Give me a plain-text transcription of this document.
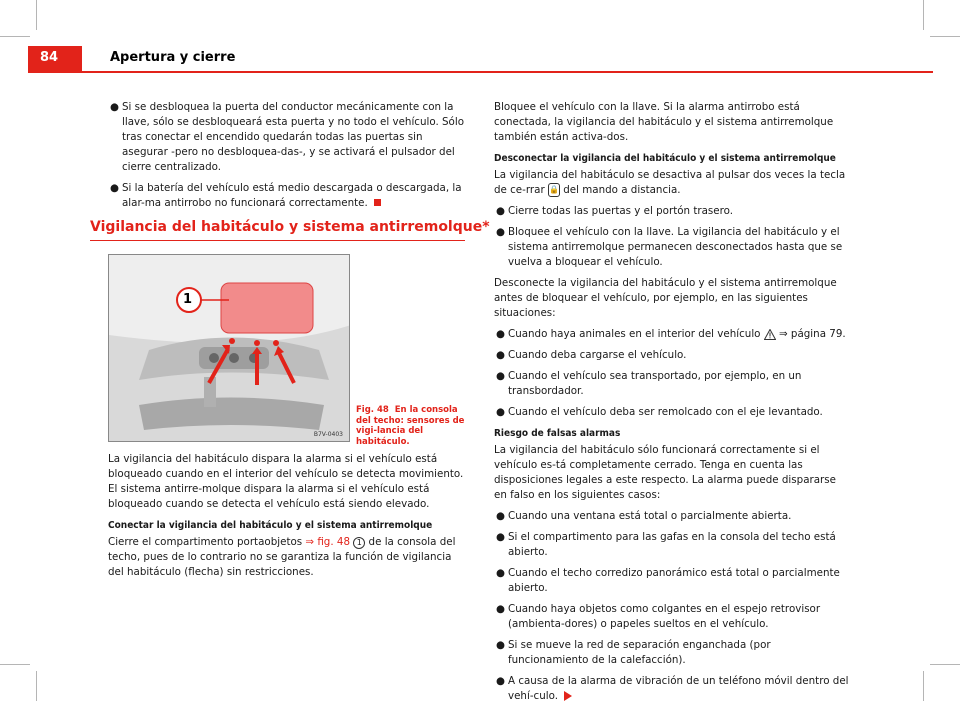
84	Apertura y cierre
● Si se desbloquea la puerta del conductor mecánicamente con la llave, sólo se desbloqueará esta puerta y no todo el vehículo. Sólo tras conectar el encendido quedarán todas las puertas sin asegurar -pero no desbloquea-das-, y se activará el pulsador del cierre centralizado.
● Si la batería del vehículo está medio descargada o descargada, la alar-ma antirrobo no funcionará correctamente.
Vigilancia del habitáculo y sistema antirremolque*
1
B7V-0403
Fig. 48 En la consola del techo: sensores de vigi-lancia del habitáculo.

La vigilancia del habitáculo dispara la alarma si el vehículo está bloqueado cuando en el interior del vehículo se detecta movimiento. El sistema antirre-molque dispara la alarma si el vehículo está bloqueado cuando se detecta el vehículo está siendo elevado.

Conectar la vigilancia del habitáculo y el sistema antirremolque

Cierre el compartimento portaobjetos ⇒ fig. 48 1 de la consola del techo, pues de lo contrario no se garantiza la función de vigilancia del habitáculo (flecha) sin restricciones.

Bloquee el vehículo con la llave. Si la alarma antirrobo está conectada, la vigilancia del habitáculo y el sistema antirremolque también están activa-dos.

Desconectar la vigilancia del habitáculo y el sistema antirremolque

La vigilancia del habitáculo se desactiva al pulsar dos veces la tecla de ce-rrar 🔒 del mando a distancia.

● Cierre todas las puertas y el portón trasero.
● Bloquee el vehículo con la llave. La vigilancia del habitáculo y el sistema antirremolque permanecen desconectados hasta que se vuelva a bloquear el vehículo.

Desconecte la vigilancia del habitáculo y el sistema antirremolque antes de bloquear el vehículo, por ejemplo, en las siguientes situaciones:

● Cuando haya animales en el interior del vehículo  ⇒ página 79.
● Cuando deba cargarse el vehículo.
● Cuando el vehículo sea transportado, por ejemplo, en un transbordador.
● Cuando el vehículo deba ser remolcado con el eje levantado.
Riesgo de falsas alarmas

La vigilancia del habitáculo sólo funcionará correctamente si el vehículo es-tá completamente cerrado. Tenga en cuenta las disposiciones legales a este respecto. La alarma puede dispararse en falso en los siguientes casos:

● Cuando una ventana está total o parcialmente abierta.
● Si el compartimento para las gafas en la consola del techo está abierto.
● Cuando el techo corredizo panorámico está total o parcialmente abierto.
● Cuando haya objetos como colgantes en el espejo retrovisor (ambienta-dores) o papeles sueltos en el vehículo.
● Si se mueve la red de separación enganchada (por funcionamiento de la calefacción).
● A causa de la alarma de vibración de un teléfono móvil dentro del vehí-culo.
